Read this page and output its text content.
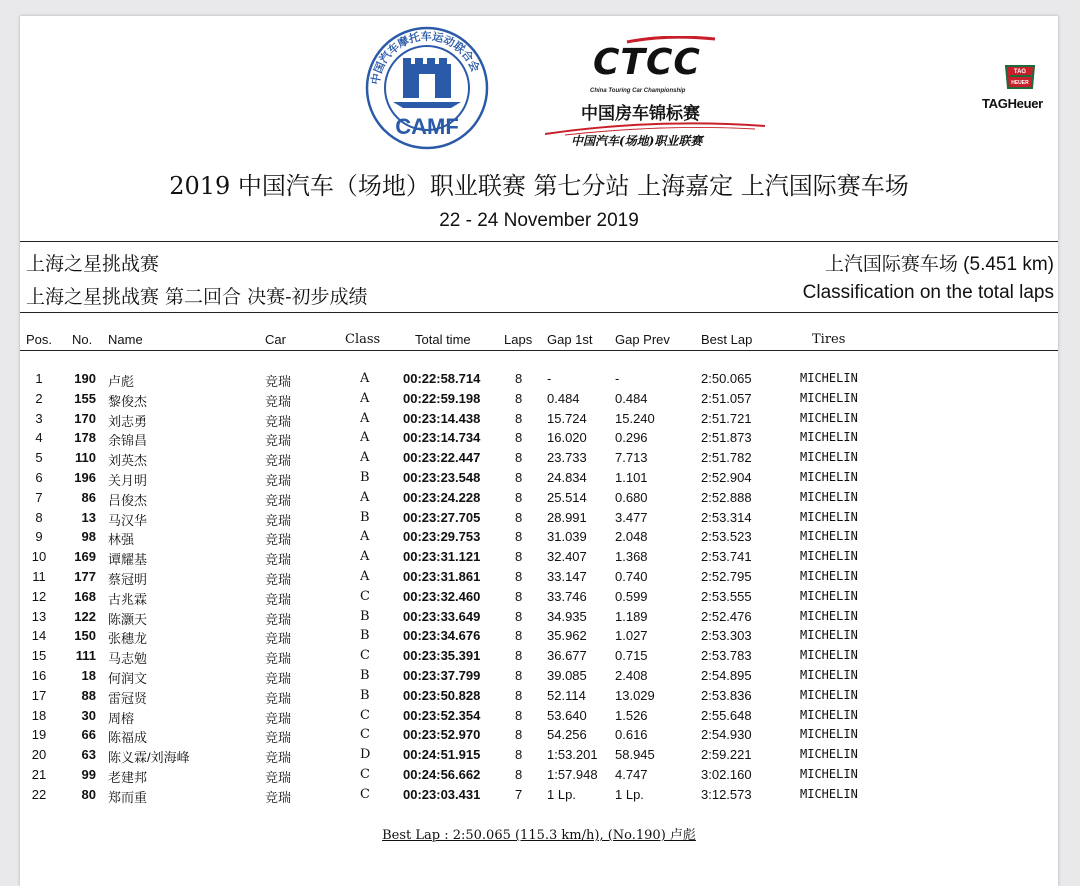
中国汽车摩托车运动联合会
CAMF
CTCC
China Touring Car Championship
中国房车锦标赛
中国汽车(场地)职业联赛
TAG
HEUER
TAGHeuer
2019 中国汽车（场地）职业联赛 第七分站 上海嘉定 上汽国际赛车场
22 - 24 November 2019
上海之星挑战赛	上汽国际赛车场 (5.451 km)
上海之星挑战赛 第二回合 决赛-初步成绩	Classification on the total laps
Pos. No. Name	Car	Class	Total time	Laps Gap 1st Gap Prev Best Lap	Tires
1	190 卢彪	竞瑞	A	00:22:58.714	8 -	-	2:50.065	MICHELIN
2	155 黎俊杰	竞瑞	A	00:22:59.198	8 0.484	0.484	2:51.057	MICHELIN
3	170 刘志勇	竞瑞	A	00:23:14.438	8 15.724 15.240	2:51.721	MICHELIN
4	178 余锦昌	竞瑞	A	00:23:14.734	8 16.020 0.296	2:51.873	MICHELIN
5	110 刘英杰	竞瑞	A	00:23:22.447	8 23.733 7.713	2:51.782	MICHELIN
6	196 关月明	竞瑞	B	00:23:23.548	8 24.834 1.101	2:52.904	MICHELIN
7	86 吕俊杰	竞瑞	A	00:23:24.228	8 25.514 0.680	2:52.888	MICHELIN
8	13 马汉华	竞瑞	B	00:23:27.705	8 28.991 3.477	2:53.314	MICHELIN
9	98 林强	竞瑞	A	00:23:29.753	8 31.039 2.048	2:53.523	MICHELIN
10	169 谭耀基	竞瑞	A	00:23:31.121	8 32.407 1.368	2:53.741	MICHELIN
11	177 蔡冠明	竞瑞	A	00:23:31.861	8 33.147 0.740	2:52.795	MICHELIN
12	168 古兆霖	竞瑞	C	00:23:32.460	8 33.746 0.599	2:53.555	MICHELIN
13	122 陈灏天	竞瑞	B	00:23:33.649	8 34.935 1.189	2:52.476	MICHELIN
14	150 张穗龙	竞瑞	B	00:23:34.676	8 35.962 1.027	2:53.303	MICHELIN
15	111 马志勉	竞瑞	C	00:23:35.391	8 36.677 0.715	2:53.783	MICHELIN
16	18 何润文	竞瑞	B	00:23:37.799	8 39.085 2.408	2:54.895	MICHELIN
17	88 雷冠贤	竞瑞	B	00:23:50.828	8 52.114 13.029	2:53.836	MICHELIN
18	30 周榕	竞瑞	C	00:23:52.354	8 53.640 1.526	2:55.648	MICHELIN
19	66 陈福成	竞瑞	C	00:23:52.970	8 54.256 0.616	2:54.930	MICHELIN
20	63 陈义霖/刘海峰	竞瑞	D	00:24:51.915	8 1:53.201 58.945	2:59.221	MICHELIN
21	99 老建邦	竞瑞	C	00:24:56.662	8 1:57.948 4.747	3:02.160	MICHELIN
22	80 郑而重	竞瑞	C	00:23:03.431	7 1 Lp.	1 Lp.	3:12.573	MICHELIN
Best Lap : 2:50.065 (115.3 km/h), (No.190) 卢彪
